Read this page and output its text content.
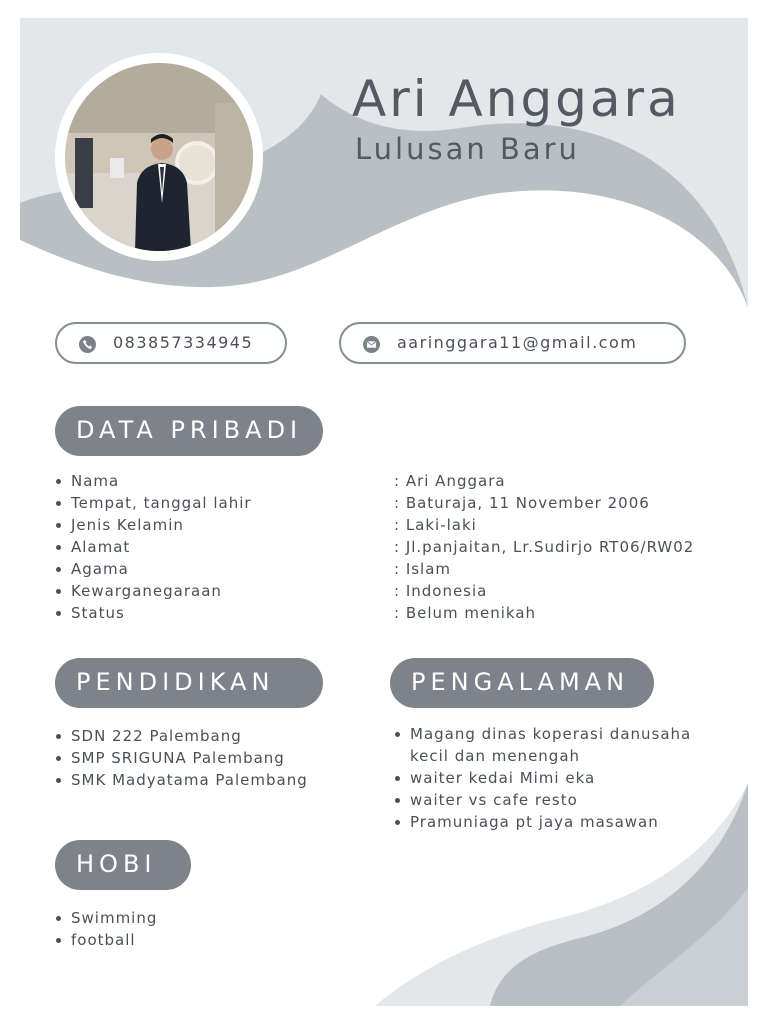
Ari Anggara
Lulusan Baru
083857334945	aaringgara11@gmail.com
DATA PRIBADI
Nama
Tempat, tanggal lahir
Jenis Kelamin
Alamat
Agama
Kewarganegaraan
Status
: Ari Anggara
: Baturaja, 11 November 2006
: Laki-laki
: Jl.panjaitan, Lr.Sudirjo RT06/RW02
: Islam
: Indonesia
: Belum menikah
PENDIDIKAN
SDN 222 Palembang
SMP SRIGUNA Palembang
SMK Madyatama Palembang
PENGALAMAN
Magang dinas koperasi danusaha kecil dan menengah
waiter kedai Mimi eka
waiter vs cafe resto
Pramuniaga pt jaya masawan
HOBI
Swimming
football
